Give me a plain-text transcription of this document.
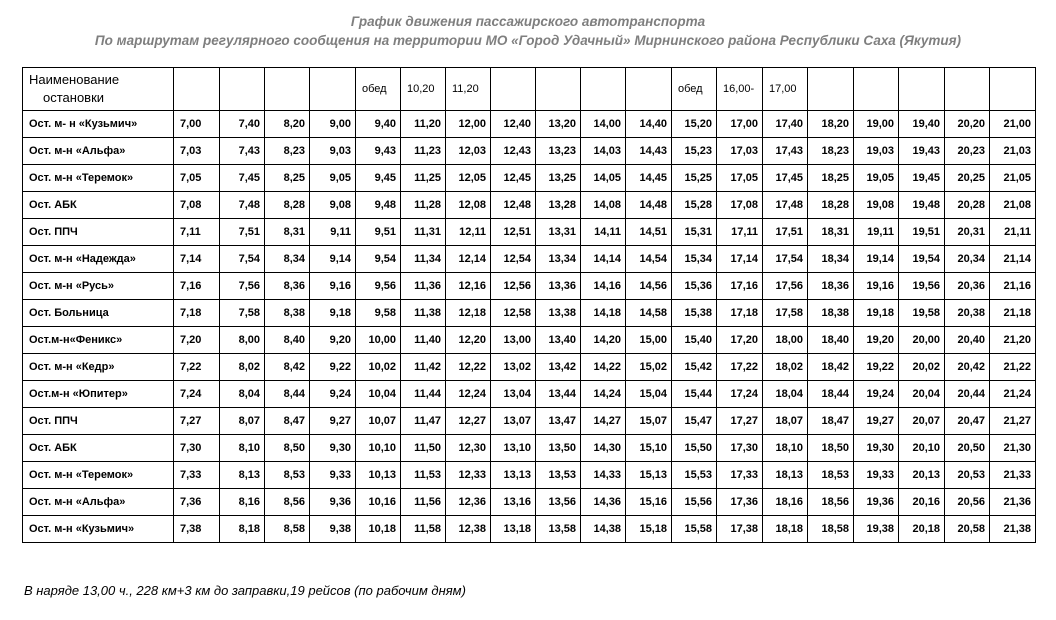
График движения пассажирского автотранспорта
По маршрутам регулярного сообщения на территории МО «Город Удачный» Мирнинского района Республики Саха (Якутия)
Наименование
остановки					обед	10,20	11,20					обед	16,00-	17,00						
Ост. м- н «Кузьмич»	7,00	7,40	8,20	9,00	9,40	11,20	12,00	12,40	13,20	14,00	14,40	15,20	17,00	17,40	18,20	19,00	19,40	20,20	21,00	
Ост. м-н «Альфа»	7,03	7,43	8,23	9,03	9,43	11,23	12,03	12,43	13,23	14,03	14,43	15,23	17,03	17,43	18,23	19,03	19,43	20,23	21,03	
Ост. м-н «Теремок»	7,05	7,45	8,25	9,05	9,45	11,25	12,05	12,45	13,25	14,05	14,45	15,25	17,05	17,45	18,25	19,05	19,45	20,25	21,05	
Ост. АБК	7,08	7,48	8,28	9,08	9,48	11,28	12,08	12,48	13,28	14,08	14,48	15,28	17,08	17,48	18,28	19,08	19,48	20,28	21,08	
Ост. ППЧ	7,11	7,51	8,31	9,11	9,51	11,31	12,11	12,51	13,31	14,11	14,51	15,31	17,11	17,51	18,31	19,11	19,51	20,31	21,11	
Ост. м-н «Надежда»	7,14	7,54	8,34	9,14	9,54	11,34	12,14	12,54	13,34	14,14	14,54	15,34	17,14	17,54	18,34	19,14	19,54	20,34	21,14	
Ост. м-н «Русь»	7,16	7,56	8,36	9,16	9,56	11,36	12,16	12,56	13,36	14,16	14,56	15,36	17,16	17,56	18,36	19,16	19,56	20,36	21,16	
Ост. Больница	7,18	7,58	8,38	9,18	9,58	11,38	12,18	12,58	13,38	14,18	14,58	15,38	17,18	17,58	18,38	19,18	19,58	20,38	21,18	
Ост.м-н«Феникс»	7,20	8,00	8,40	9,20	10,00	11,40	12,20	13,00	13,40	14,20	15,00	15,40	17,20	18,00	18,40	19,20	20,00	20,40	21,20	
Ост. м-н «Кедр»	7,22	8,02	8,42	9,22	10,02	11,42	12,22	13,02	13,42	14,22	15,02	15,42	17,22	18,02	18,42	19,22	20,02	20,42	21,22	
Ост.м-н «Юпитер»	7,24	8,04	8,44	9,24	10,04	11,44	12,24	13,04	13,44	14,24	15,04	15,44	17,24	18,04	18,44	19,24	20,04	20,44	21,24	
Ост. ППЧ	7,27	8,07	8,47	9,27	10,07	11,47	12,27	13,07	13,47	14,27	15,07	15,47	17,27	18,07	18,47	19,27	20,07	20,47	21,27	
Ост. АБК	7,30	8,10	8,50	9,30	10,10	11,50	12,30	13,10	13,50	14,30	15,10	15,50	17,30	18,10	18,50	19,30	20,10	20,50	21,30	
Ост. м-н «Теремок»	7,33	8,13	8,53	9,33	10,13	11,53	12,33	13,13	13,53	14,33	15,13	15,53	17,33	18,13	18,53	19,33	20,13	20,53	21,33	
Ост. м-н «Альфа»	7,36	8,16	8,56	9,36	10,16	11,56	12,36	13,16	13,56	14,36	15,16	15,56	17,36	18,16	18,56	19,36	20,16	20,56	21,36	
Ост. м-н «Кузьмич»	7,38	8,18	8,58	9,38	10,18	11,58	12,38	13,18	13,58	14,38	15,18	15,58	17,38	18,18	18,58	19,38	20,18	20,58	21,38	
В наряде 13,00 ч., 228 км+3 км до заправки,19 рейсов (по рабочим дням)
